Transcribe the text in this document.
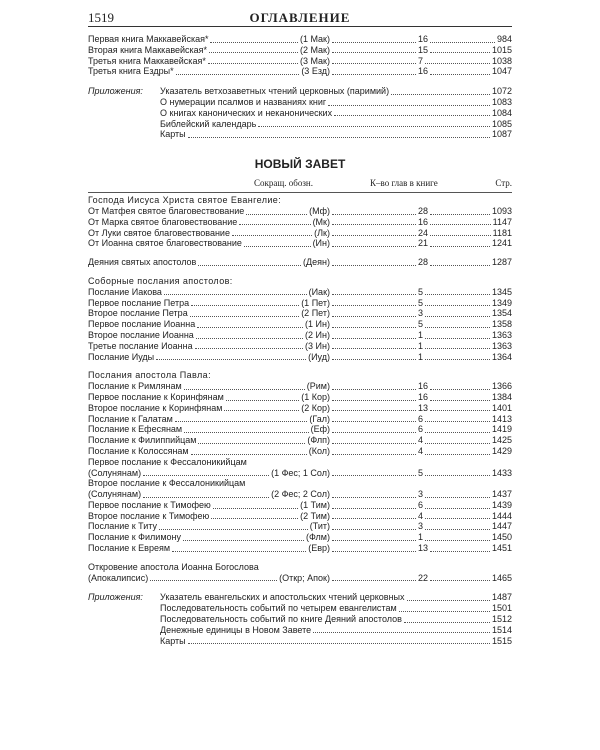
1519	ОГЛАВЛЕНИЕ
Первая книга Маккавейская*	(1 Мак)	16	984
Вторая книга Маккавейская*	(2 Мак)	15	1015
Третья книга Маккавейская*	(3 Мак)	7	1038
Третья книга Ездры*	(3 Езд)	16	1047
Приложения: Указатель ветхозаветных чтений церковных (паримий)	1072
О нумерации псалмов и названиях книг	1083
О книгах канонических и неканонических	1084
Библейский календарь	1085
Карты	1087
НОВЫЙ ЗАВЕТ
Сокращ. обозн.	К–во глав в книге	Стр.
Господа Иисуса Христа святое Евангелие:
От Матфея святое благовествование	(Мф)	28	1093
От Марка святое благовествование	(Мк)	16	1147
От Луки святое благовествование	(Лк)	24	1181
От Иоанна святое благовествование	(Ин)	21	1241
Деяния святых апостолов	(Деян)	28	1287
Соборные послания апостолов:
Послание Иакова	(Иак)	5	1345
Первое послание Петра	(1 Пет)	5	1349
Второе послание Петра	(2 Пет)	3	1354
Первое послание Иоанна	(1 Ин)	5	1358
Второе послание Иоанна	(2 Ин)	1	1363
Третье послание Иоанна	(3 Ин)	1	1363
Послание Иуды	(Иуд)	1	1364
Послания апостола Павла:
Послание к Римлянам	(Рим)	16	1366
Первое послание к Коринфянам	(1 Кор)	16	1384
Второе послание к Коринфянам	(2 Кор)	13	1401
Послание к Галатам	(Гал)	6	1413
Послание к Ефесянам	(Еф)	6	1419
Послание к Филиппийцам	(Флп)	4	1425
Послание к Колоссянам	(Кол)	4	1429
Первое послание к Фессалоникийцам
(Солунянам)	(1 Фес; 1 Сол)	5	1433
Второе послание к Фессалоникийцам
(Солунянам)	(2 Фес; 2 Сол)	3	1437
Первое послание к Тимофею	(1 Тим)	6	1439
Второе послание к Тимофею	(2 Тим)	4	1444
Послание к Титу	(Тит)	3	1447
Послание к Филимону	(Флм)	1	1450
Послание к Евреям	(Евр)	13	1451
Откровение апостола Иоанна Богослова
(Апокалипсис)	(Откр; Апок)	22	1465
Приложения: Указатель евангельских и апостольских чтений церковных	1487
Последовательность событий по четырем евангелистам	1501
Последовательность событий по книге Деяний апостолов	1512
Денежные единицы в Новом Завете	1514
Карты	1515
